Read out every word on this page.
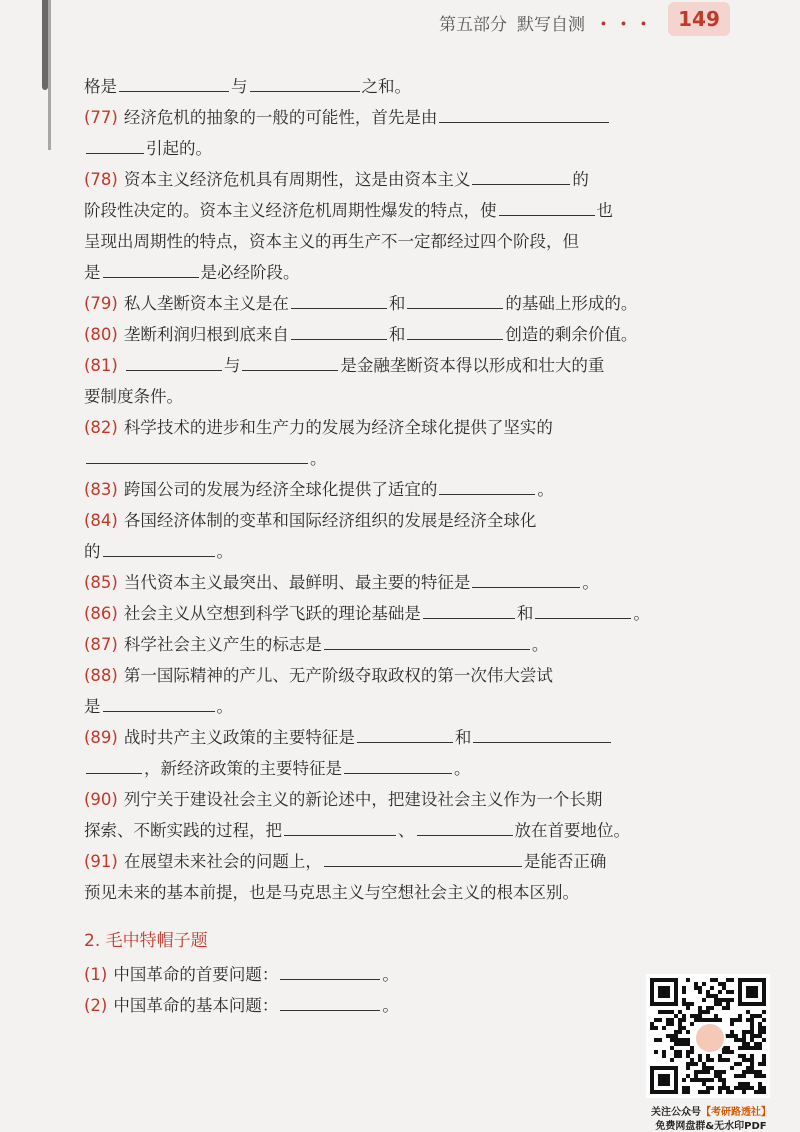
第五部分 默写自测 ・・・	149
格是	与	之和。
(77) 经济危机的抽象的一般的可能性，首先是由
引起的。
(78) 资本主义经济危机具有周期性，这是由资本主义	的
阶段性决定的。资本主义经济危机周期性爆发的特点，使	也
呈现出周期性的特点，资本主义的再生产不一定都经过四个阶段，但
是	是必经阶段。
(79) 私人垄断资本主义是在	和	的基础上形成的。
(80) 垄断利润归根到底来自	和	创造的剩余价值。
(81)	与	是金融垄断资本得以形成和壮大的重
要制度条件。
(82) 科学技术的进步和生产力的发展为经济全球化提供了坚实的
。
(83) 跨国公司的发展为经济全球化提供了适宜的	。
(84) 各国经济体制的变革和国际经济组织的发展是经济全球化
的	。
(85) 当代资本主义最突出、最鲜明、最主要的特征是	。
(86) 社会主义从空想到科学飞跃的理论基础是	和	。
(87) 科学社会主义产生的标志是	。
(88) 第一国际精神的产儿、无产阶级夺取政权的第一次伟大尝试
是	。
(89) 战时共产主义政策的主要特征是	和
，新经济政策的主要特征是	。
(90) 列宁关于建设社会主义的新论述中，把建设社会主义作为一个长期
探索、不断实践的过程，把	、	放在首要地位。
(91) 在展望未来社会的问题上，	是能否正确
预见未来的基本前提，也是马克思主义与空想社会主义的根本区别。
2. 毛中特帽子题
(1) 中国革命的首要问题：	。
(2) 中国革命的基本问题：	。
关注公众号【考研路透社】
免费网盘群&无水印PDF
